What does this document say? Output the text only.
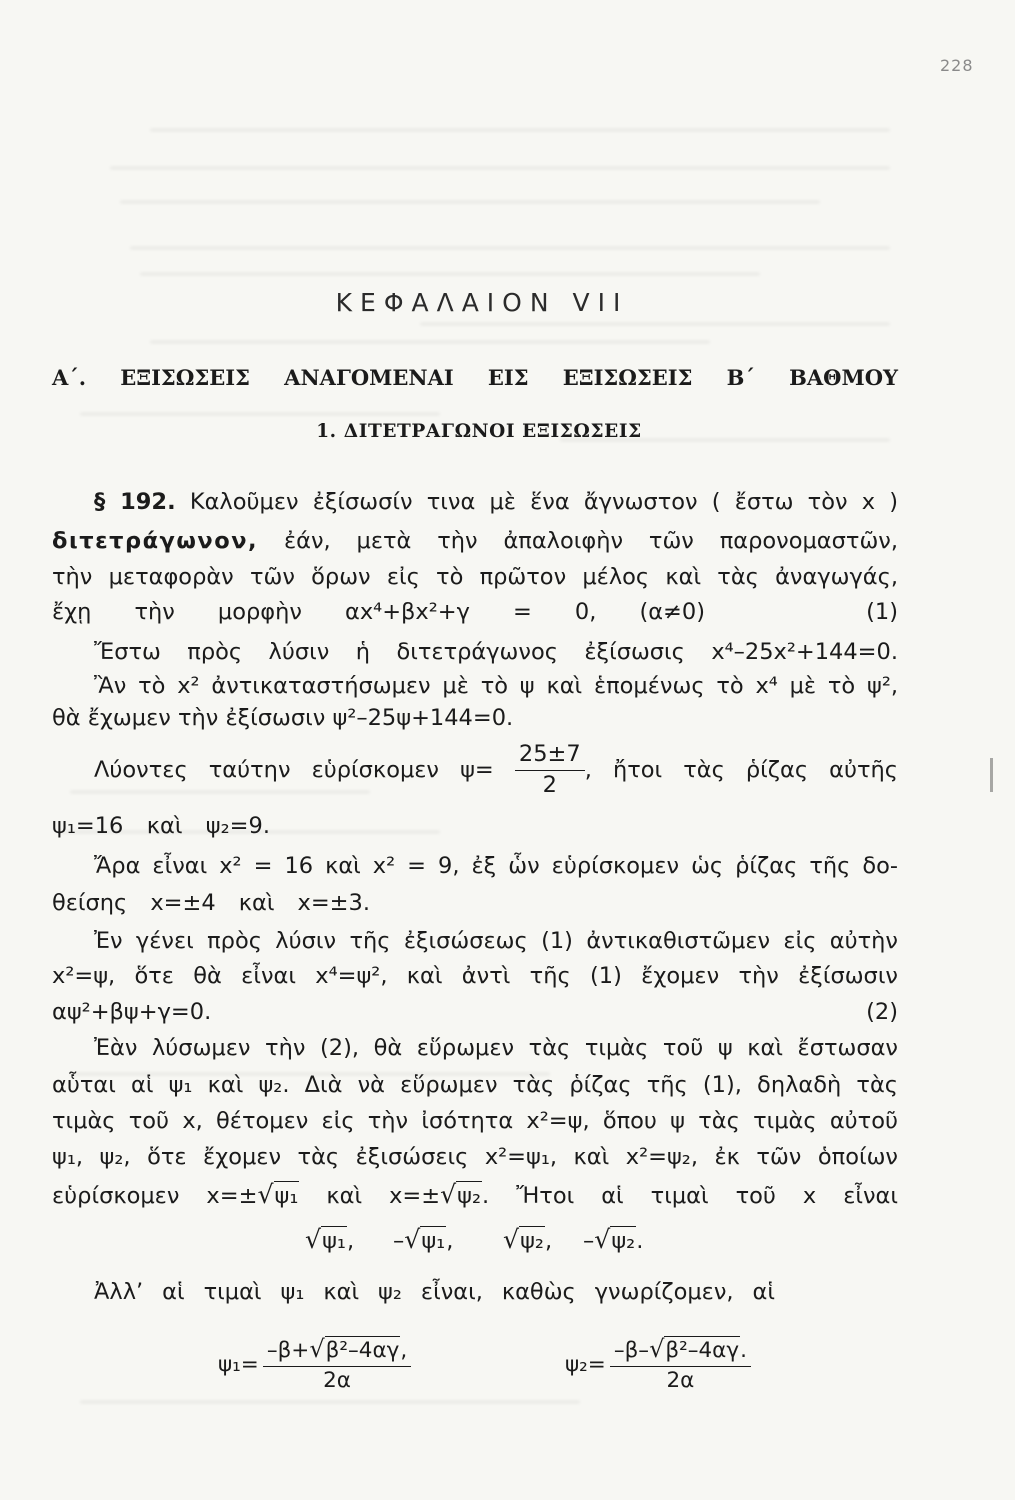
228
ΚΕΦΑΛΑΙΟΝ VII
Α΄. ΕΞΙΣΩΣΕΙΣ ΑΝΑΓΟΜΕΝΑΙ ΕΙΣ ΕΞΙΣΩΣΕΙΣ Β΄ ΒΑΘΜΟΥ
1. ΔΙΤΕΤΡΑΓΩΝΟΙ ΕΞΙΣΩΣΕΙΣ
§ 192. Καλοῦμεν ἐξίσωσίν τινα μὲ ἕνα ἄγνωστον ( ἔστω τὸν x )
διτετράγωνον, ἐάν, μετὰ τὴν ἀπαλοιφὴν τῶν παρονομαστῶν,
τὴν μεταφορὰν τῶν ὅρων εἰς τὸ πρῶτον μέλος καὶ τὰς ἀναγωγάς,
ἔχῃ τὴν μορφὴν αx⁴+βx²+γ = 0, (α≠0)	(1)
Ἔστω πρὸς λύσιν ἡ διτετράγωνος ἐξίσωσις x⁴–25x²+144=0.
Ἂν τὸ x² ἀντικαταστήσωμεν μὲ τὸ ψ καὶ ἑπομένως τὸ x⁴ μὲ τὸ ψ²,
θὰ ἔχωμεν τὴν ἐξίσωσιν ψ²–25ψ+144=0.
Λύοντες ταύτην εὑρίσκομεν $\psi= \frac{25\pm 7}{2}$ , ἤτοι τὰς ῥίζας αὐτῆς
ψ₁=16 καὶ ψ₂=9.
Ἄρα εἶναι x² = 16 καὶ x² = 9, ἐξ ὧν εὑρίσκομεν ὡς ῥίζας τῆς δο-
θείσης x=±4 καὶ x=±3.
Ἐν γένει πρὸς λύσιν τῆς ἐξισώσεως (1) ἀντικαθιστῶμεν εἰς αὐτὴν
x²=ψ, ὅτε θὰ εἶναι x⁴=ψ², καὶ ἀντὶ τῆς (1) ἔχομεν τὴν ἐξίσωσιν
αψ²+βψ+γ=0.	(2)
Ἐὰν λύσωμεν τὴν (2), θὰ εὕρωμεν τὰς τιμὰς τοῦ ψ καὶ ἔστωσαν
αὗται αἱ ψ₁ καὶ ψ₂. Διὰ νὰ εὕρωμεν τὰς ῥίζας τῆς (1), δηλαδὴ τὰς
τιμὰς τοῦ x, θέτομεν εἰς τὴν ἰσότητα x²=ψ, ὅπου ψ τὰς τιμὰς αὐτοῦ
ψ₁, ψ₂, ὅτε ἔχομεν τὰς ἐξισώσεις x²=ψ₁, καὶ x²=ψ₂, ἐκ τῶν ὁποίων
εὑρίσκομεν x=±√ψ₁ καὶ x=±√ψ₂. Ἤτοι αἱ τιμαὶ τοῦ x εἶναι
√ψ₁, –√ψ₁, √ψ₂, –√ψ₂.
Ἀλλ’ αἱ τιμαὶ ψ₁ καὶ ψ₂ εἶναι, καθὼς γνωρίζομεν, αἱ
$\psi_1= \frac{\text{–β+√β²–4αγ,}}{2\alpha}$	$\psi_2= \frac{\text{–β–√β²–4αγ.}}{2\alpha}$
